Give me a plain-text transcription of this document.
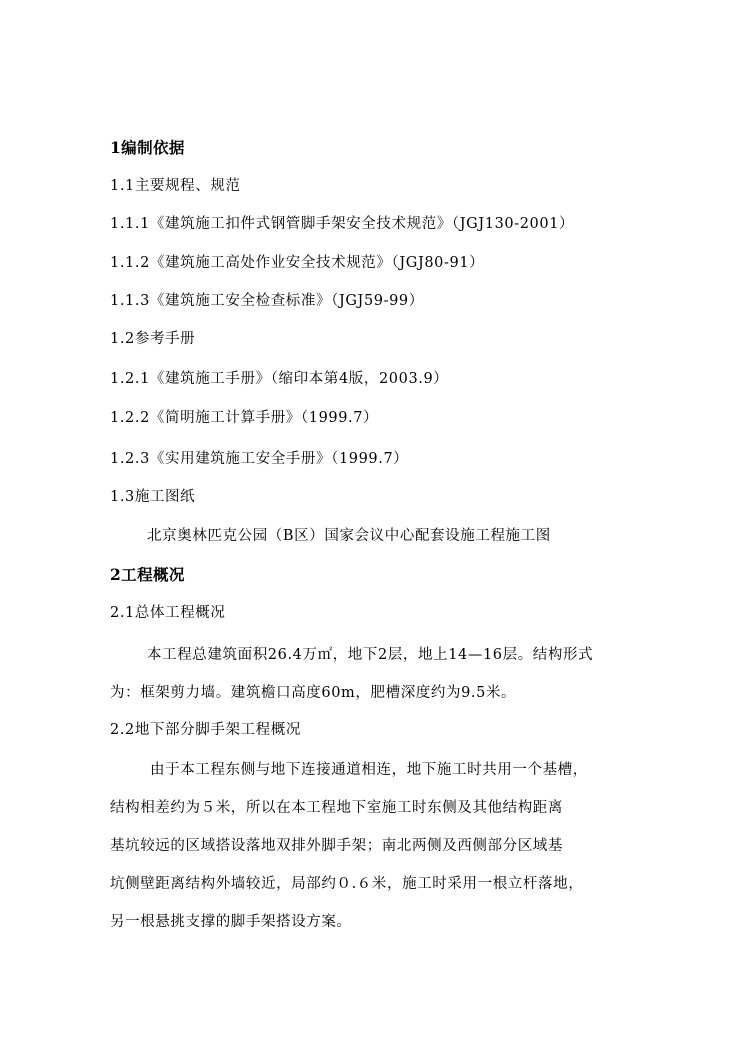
1编制依据
1.1主要规程、规范
1.1.1《建筑施工扣件式钢管脚手架安全技术规范》（JGJ130-2001）
1.1.2《建筑施工高处作业安全技术规范》（JGJ80-91）
1.1.3《建筑施工安全检查标准》（JGJ59-99）
1.2参考手册
1.2.1《建筑施工手册》（缩印本第4版，2003.9）
1.2.2《简明施工计算手册》（1999.7）
1.2.3《实用建筑施工安全手册》（1999.7）
1.3施工图纸
北京奥林匹克公园（B区）国家会议中心配套设施工程施工图
2工程概况
2.1总体工程概况
本工程总建筑面积26.4万㎡，地下2层，地上14—16层。结构形式
为：框架剪力墙。建筑檐口高度60m，肥槽深度约为9.5米。
2.2地下部分脚手架工程概况
由于本工程东侧与地下连接通道相连，地下施工时共用一个基槽，
结构相差约为５米，所以在本工程地下室施工时东侧及其他结构距离
基坑较远的区域搭设落地双排外脚手架；南北两侧及西侧部分区域基
坑侧壁距离结构外墙较近，局部约０.６米，施工时采用一根立杆落地，
另一根悬挑支撑的脚手架搭设方案。
